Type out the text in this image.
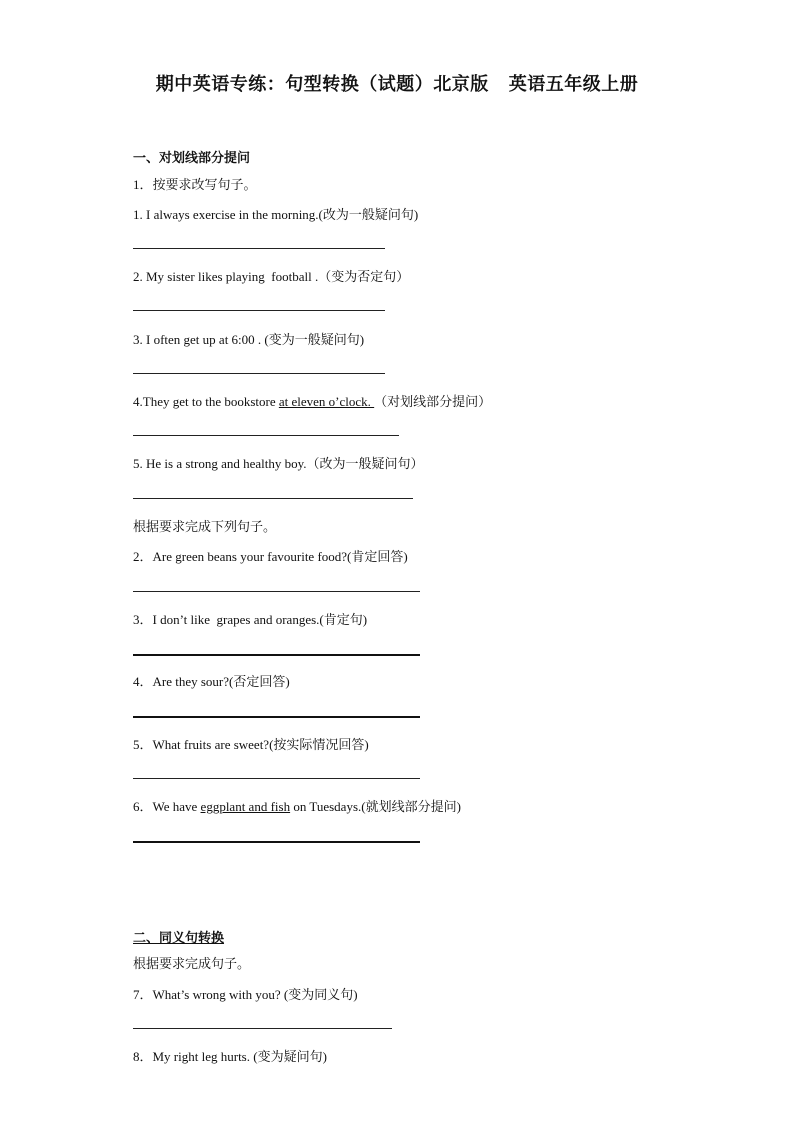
期中英语专练：句型转换（试题）北京版    英语五年级上册
一、对划线部分提问
1．按要求改写句子。
1. I always exercise in the morning.(改为一般疑问句)
2. My sister likes playing  football .（变为否定句）
3. I often get up at 6:00 . (变为一般疑问句)
4.They get to the bookstore at eleven o’clock. （对划线部分提问）
5. He is a strong and healthy boy.（改为一般疑问句）
根据要求完成下列句子。
2．Are green beans your favourite food?(肯定回答)
3．I don’t like  grapes and oranges.(肯定句)
4．Are they sour?(否定回答)
5．What fruits are sweet?(按实际情况回答)
6．We have eggplant and fish on Tuesdays.(就划线部分提问)
二、同义句转换
根据要求完成句子。
7．What’s wrong with you? (变为同义句)
8．My right leg hurts. (变为疑问句)
